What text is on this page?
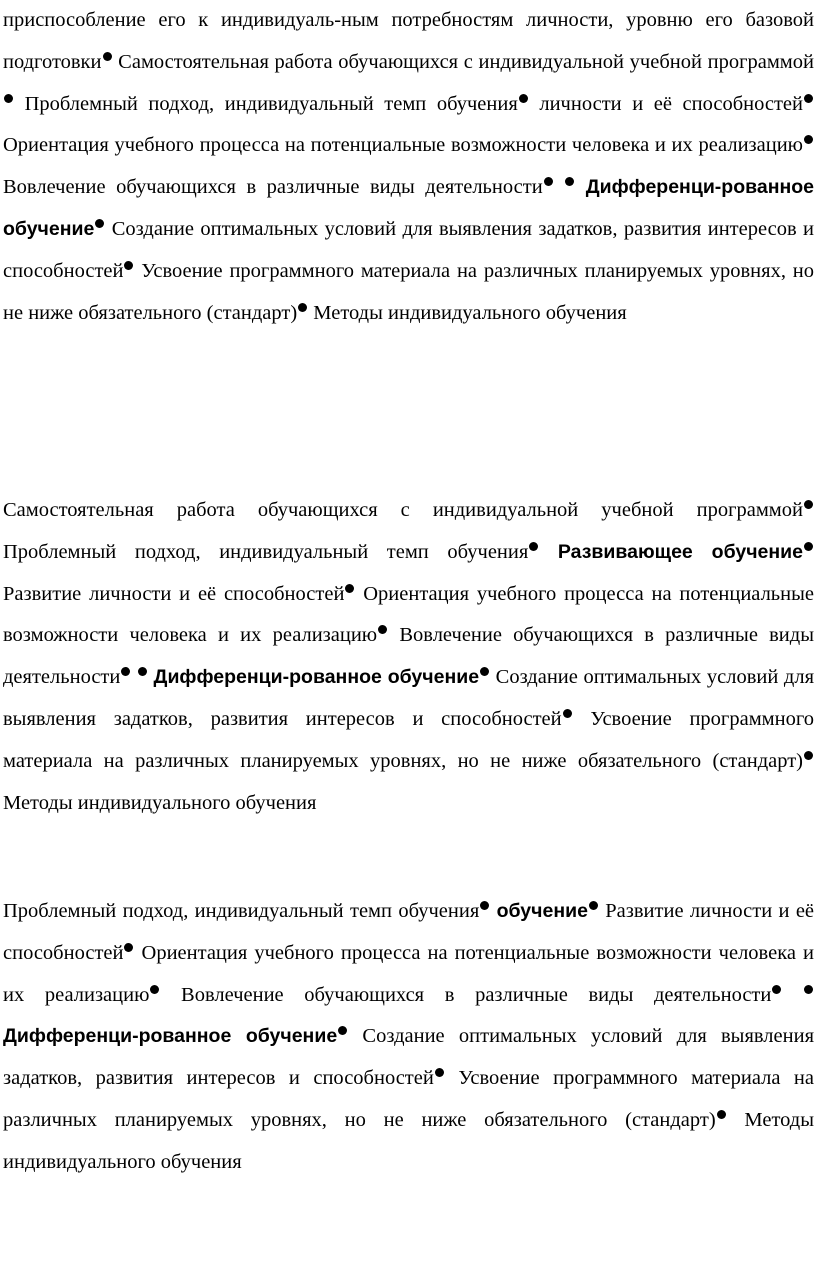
приспособление его к индивидуаль-ным потребностям личности, уровню его базовой подготовки Самостоятельная работа обучающихся с индивидуальной учебной программой Проблемный подход, индивидуальный темп обучения личности и её способностей Ориентация учебного процесса на потенциальные возможности человека и их реализацию Вовлечение обучающихся в различные виды деятельности Дифференци-рованное обучение Создание оптимальных условий для выявления задатков, развития интересов и способностей Усвоение программного материала на различных планируемых уровнях, но не ниже обязательного (стандарт) Методы индивидуального обучения

Самостоятельная работа обучающихся с индивидуальной учебной программой Проблемный подход, индивидуальный темп обучения Развивающее обучение Развитие личности и её способностей Ориентация учебного процесса на потенциальные возможности человека и их реализацию Вовлечение обучающихся в различные виды деятельности Дифференци-рованное обучение Создание оптимальных условий для выявления задатков, развития интересов и способностей Усвоение программного материала на различных планируемых уровнях, но не ниже обязательного (стандарт) Методы индивидуального обучения

Проблемный подход, индивидуальный темп обучения обучение Развитие личности и её способностей Ориентация учебного процесса на потенциальные возможности человека и их реализацию Вовлечение обучающихся в различные виды деятельности  Дифференци-рованное обучение Создание оптимальных условий для выявления задатков, развития интересов и способностей Усвоение программного материала на различных планируемых уровнях, но не ниже обязательного (стандарт) Методы индивидуального обучения
